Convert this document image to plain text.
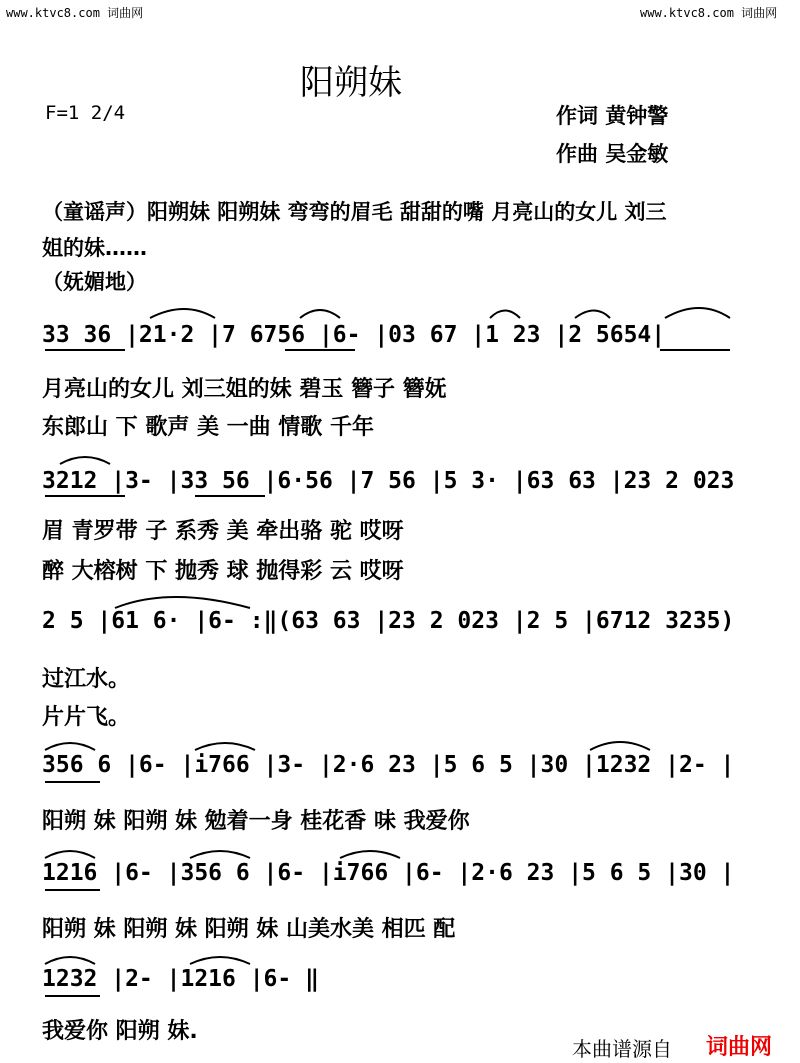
www.ktvc8.com 词曲网	www.ktvc8.com 词曲网
阳朔妹
F=1 2/4	作词 黄钟警
作曲 吴金敏
（童谣声）阳朔妹 阳朔妹 弯弯的眉毛 甜甜的嘴 月亮山的女儿 刘三
姐的妹……
（妩媚地）
33 36 |21·2 |7 6756 |6- |03 67 |1 23 |2 5654|
月亮山的女儿 刘三姐的妹 碧玉 簪子 簪妩
东郎山 下 歌声 美 一曲 情歌 千年
3212 |3- |33 56 |6·56 |7 56 |5 3· |63 63 |23 2 023
眉 青罗带 子 系秀 美 牵出骆 驼 哎呀
醉 大榕树 下 抛秀 球 抛得彩 云 哎呀
2 5 |61 6· |6- :‖(63 63 |23 2 023 |2 5 |6712 3235)
过江水。
片片飞。
356 6 |6- |i766 |3- |2·6 23 |5 6 5 |30 |1232 |2- |
阳朔 妹 阳朔 妹 勉着一身 桂花香 味 我爱你
1216 |6- |356 6 |6- |i766 |6- |2·6 23 |5 6 5 |30 |
阳朔 妹 阳朔 妹 阳朔 妹 山美水美 相匹 配
1232 |2- |1216 |6- ‖
我爱你 阳朔 妹.
本曲谱源自 词曲网
